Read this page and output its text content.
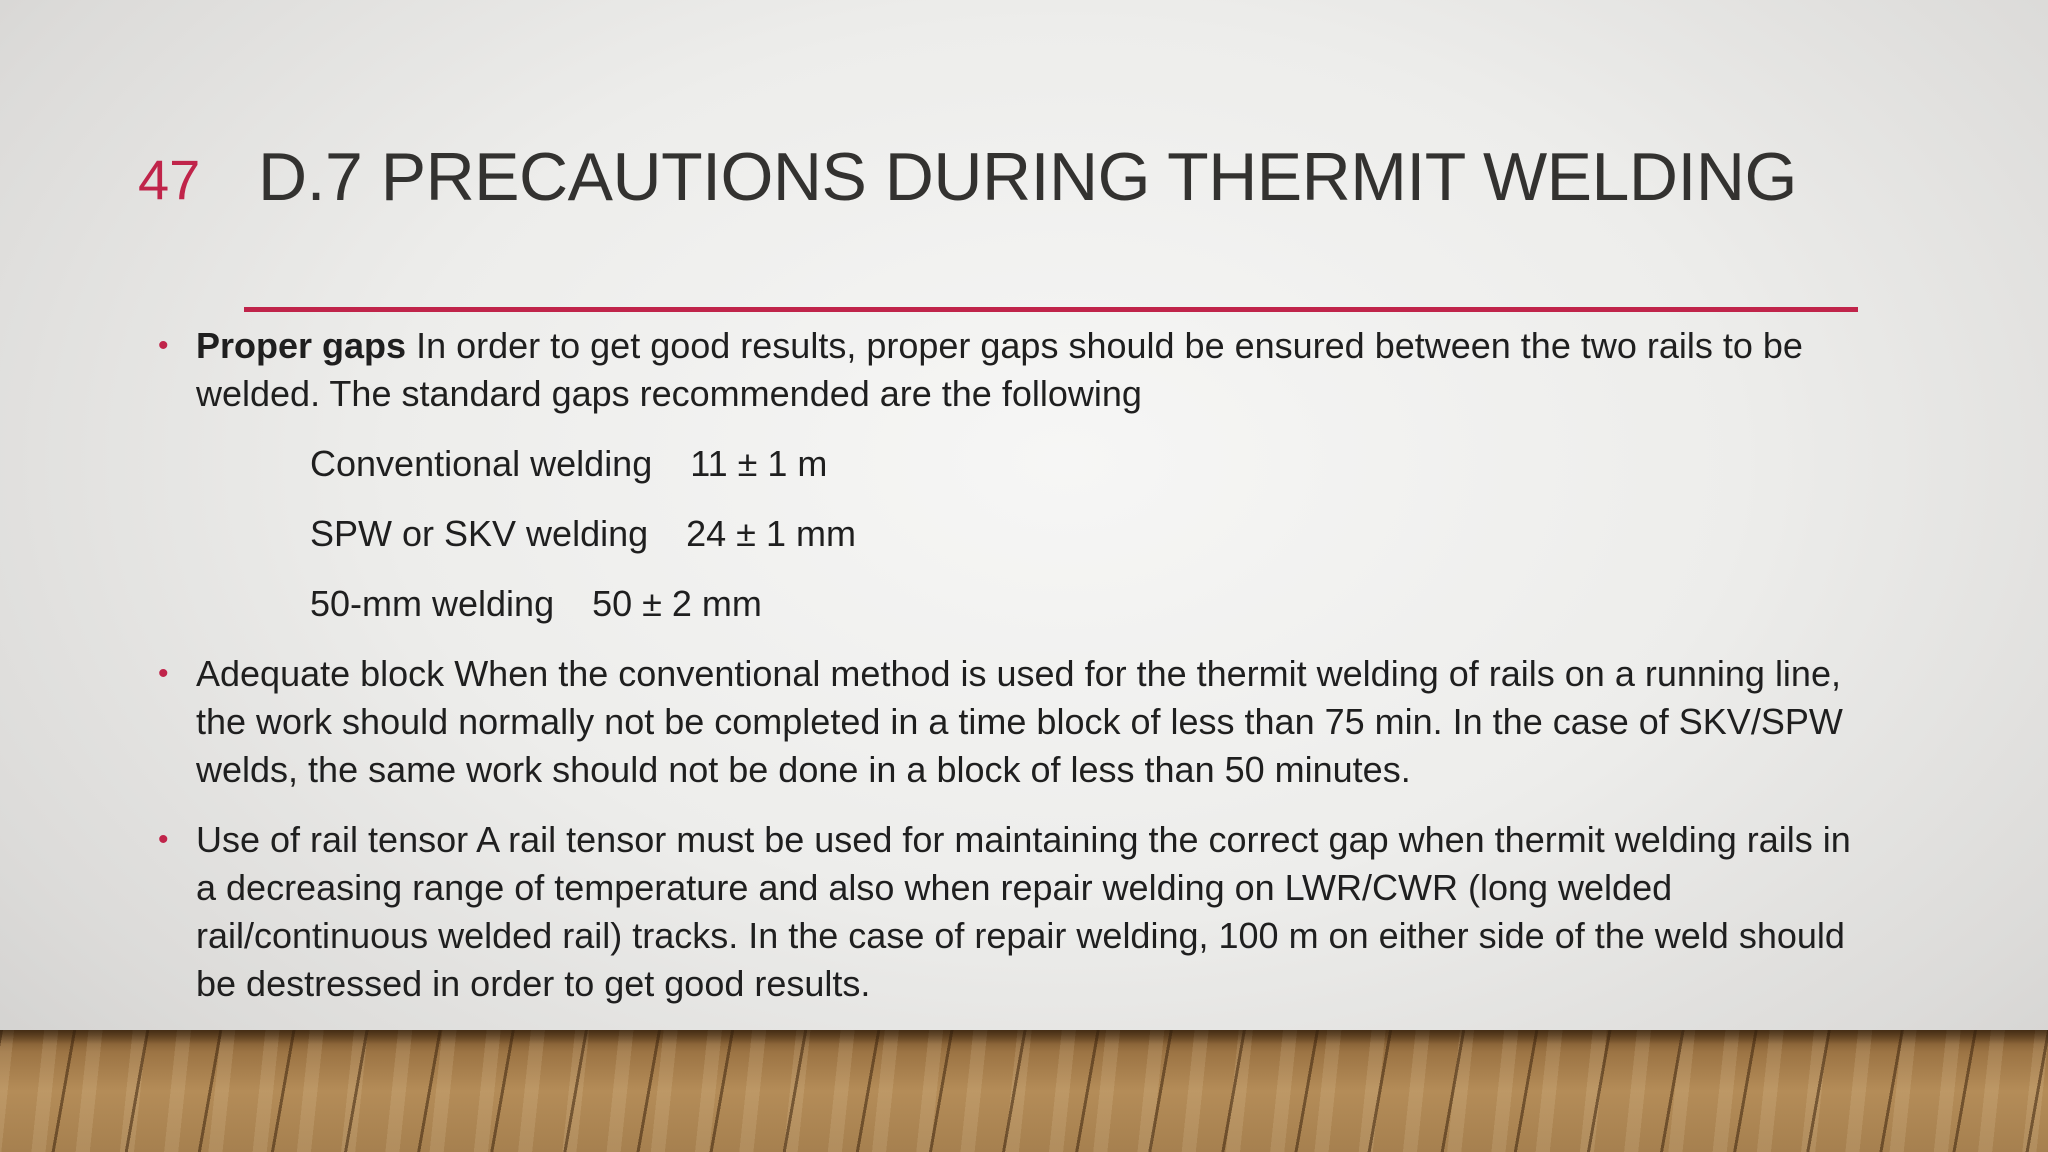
47 D.7 PRECAUTIONS DURING THERMIT WELDING
• Proper gaps In order to get good results, proper gaps should be ensured between the two rails to be welded. The standard gaps recommended are the following
Conventional welding 11 ± 1 m
SPW or SKV welding 24 ± 1 mm
50-mm welding 50 ± 2 mm
• Adequate block When the conventional method is used for the thermit welding of rails on a running line, the work should normally not be completed in a time block of less than 75 min. In the case of SKV/SPW welds, the same work should not be done in a block of less than 50 minutes.
• Use of rail tensor A rail tensor must be used for maintaining the correct gap when thermit welding rails in a decreasing range of temperature and also when repair welding on LWR/CWR (long welded rail/continuous welded rail) tracks. In the case of repair welding, 100 m on either side of the weld should be destressed in order to get good results.
